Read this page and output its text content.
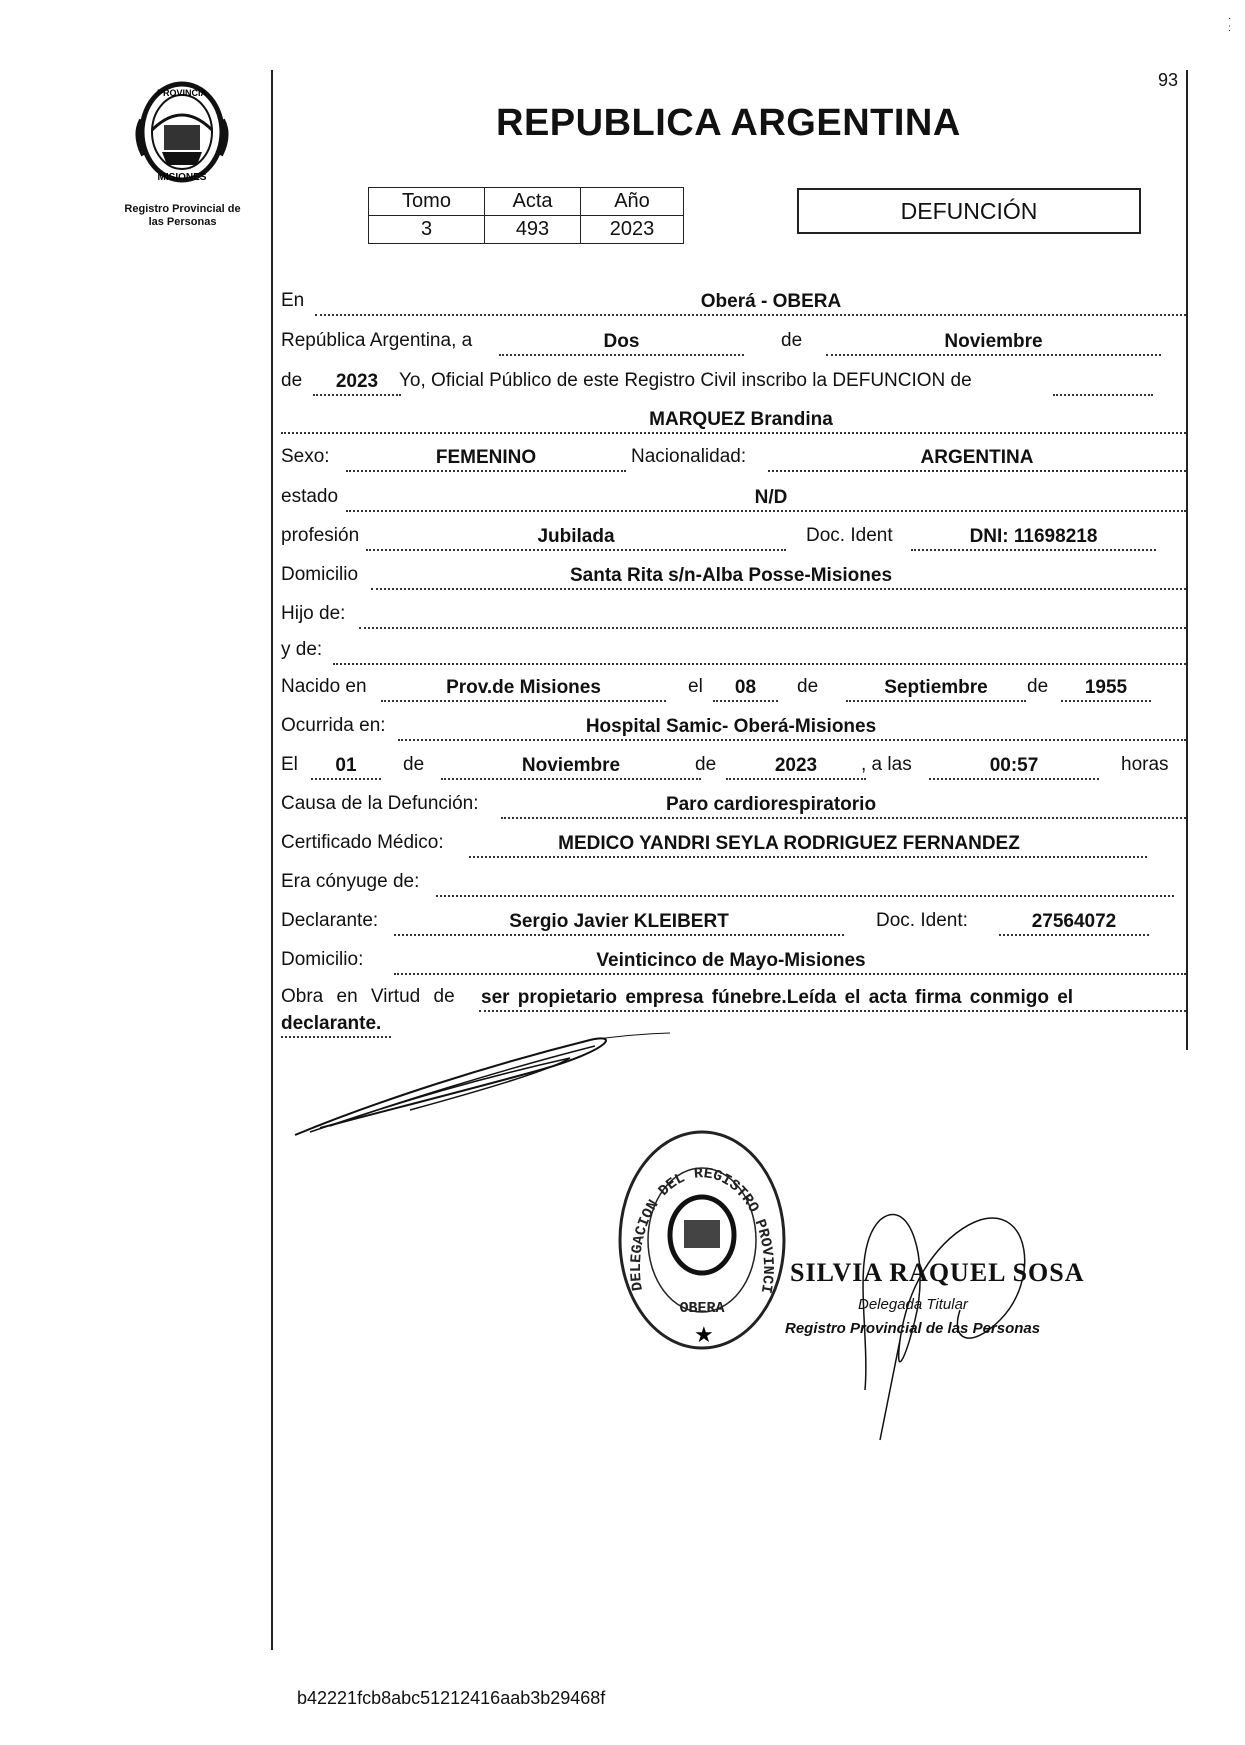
·
:
PROVINCIA
MISIONES
Registro Provincial de
las Personas
93
REPUBLICA ARGENTINA
Tomo	Acta	Año
3	493	2023
DEFUNCIÓN
En	Oberá - OBERA
República Argentina, a	Dos	de	Noviembre
de	2023	Yo, Oficial Público de este Registro Civil inscribo la DEFUNCION de
MARQUEZ Brandina
Sexo:	FEMENINO	Nacionalidad:	ARGENTINA
estado	N/D
profesión	Jubilada	Doc. Ident	DNI: 11698218
Domicilio	Santa Rita s/n-Alba Posse-Misiones
Hijo de:
y de:
Nacido en	Prov.de Misiones	el	08	de	Septiembre	de	1955
Ocurrida en:	Hospital Samic- Oberá-Misiones
El	01	de	Noviembre	de	2023	, a las	00:57	horas
Causa de la Defunción:	Paro cardiorespiratorio
Certificado Médico:	MEDICO YANDRI SEYLA RODRIGUEZ FERNANDEZ
Era cónyuge de:
Declarante:	Sergio Javier KLEIBERT	Doc. Ident:	27564072
Domicilio:	Veinticinco de Mayo-Misiones
Obra en Virtud de ser propietario empresa fúnebre.Leída el acta firma conmigo el
declarante.
DELEGACION DEL REGISTRO PROVINCI
OBERA
★
SILVIA RAQUEL SOSA
Delegada Titular
Registro Provincial de las Personas
b42221fcb8abc51212416aab3b29468f
